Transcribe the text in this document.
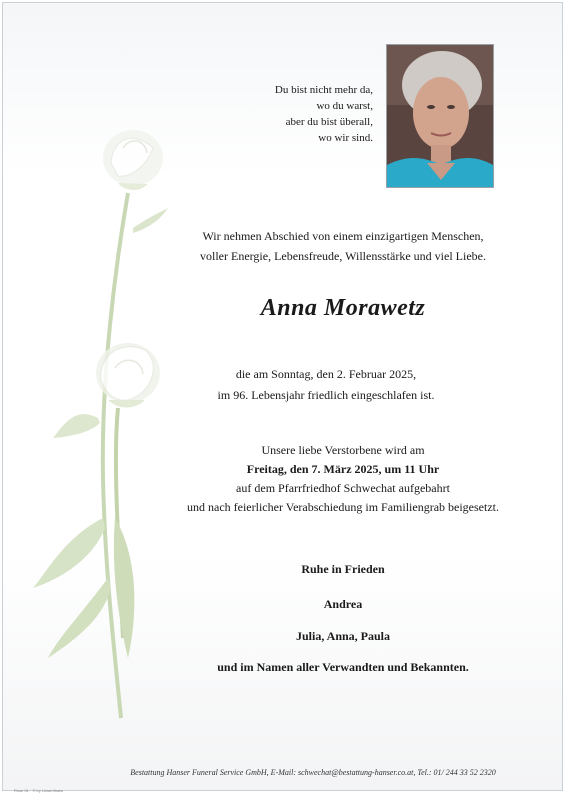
Du bist nicht mehr da,
wo du warst,
aber du bist überall,
wo wir sind.
Wir nehmen Abschied von einem einzigartigen Menschen,
voller Energie, Lebensfreude, Willensstärke und viel Liebe.
Anna Morawetz
die am Sonntag, den 2. Februar 2025,
im 96. Lebensjahr friedlich eingeschlafen ist.
Unsere liebe Verstorbene wird am
Freitag, den 7. März 2025, um 11 Uhr
auf dem Pfarrfriedhof Schwechat aufgebahrt
und nach feierlicher Verabschiedung im Familiengrab beigesetzt.
Ruhe in Frieden
Andrea
Julia, Anna, Paula
und im Namen aller Verwandten und Bekannten.
Bestattung Hanser Funeral Service GmbH, E-Mail: schwechat@bestattung-hanser.co.at, Tel.: 01/ 244 33 52 2320
Rose 01 · © by Löwenthalw
